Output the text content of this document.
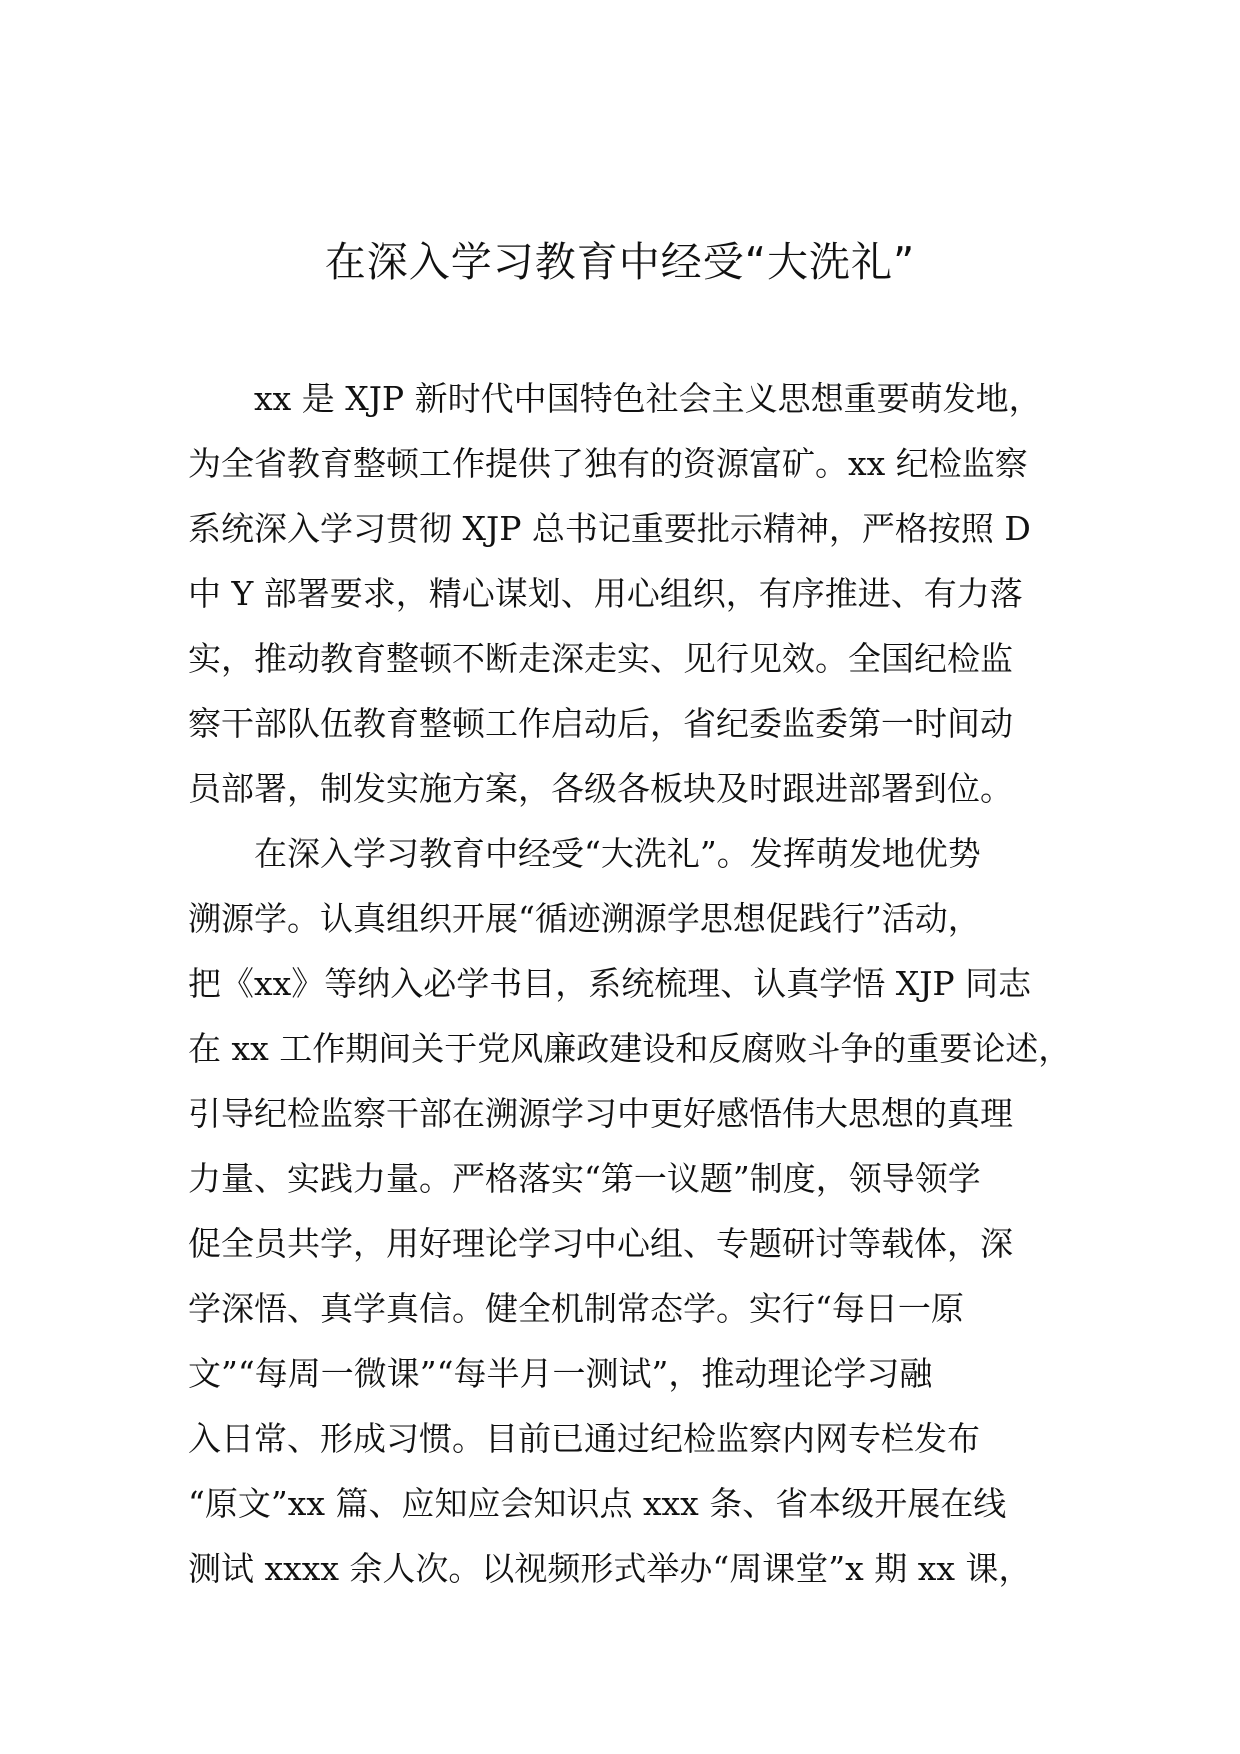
在深入学习教育中经受“大洗礼”
xx 是 XJP 新时代中国特色社会主义思想重要萌发地，
为全省教育整顿工作提供了独有的资源富矿。xx 纪检监察
系统深入学习贯彻 XJP 总书记重要批示精神，严格按照 D
中 Y 部署要求，精心谋划、用心组织，有序推进、有力落
实，推动教育整顿不断走深走实、见行见效。全国纪检监
察干部队伍教育整顿工作启动后，省纪委监委第一时间动
员部署，制发实施方案，各级各板块及时跟进部署到位。
在深入学习教育中经受“大洗礼”。发挥萌发地优势
溯源学。认真组织开展“循迹溯源学思想促践行”活动，
把《xx》等纳入必学书目，系统梳理、认真学悟 XJP 同志
在 xx 工作期间关于党风廉政建设和反腐败斗争的重要论述，
引导纪检监察干部在溯源学习中更好感悟伟大思想的真理
力量、实践力量。严格落实“第一议题”制度，领导领学
促全员共学，用好理论学习中心组、专题研讨等载体，深
学深悟、真学真信。健全机制常态学。实行“每日一原
文”“每周一微课”“每半月一测试”，推动理论学习融
入日常、形成习惯。目前已通过纪检监察内网专栏发布
“原文”xx 篇、应知应会知识点 xxx 条、省本级开展在线
测试 xxxx 余人次。以视频形式举办“周课堂”x 期 xx 课，
